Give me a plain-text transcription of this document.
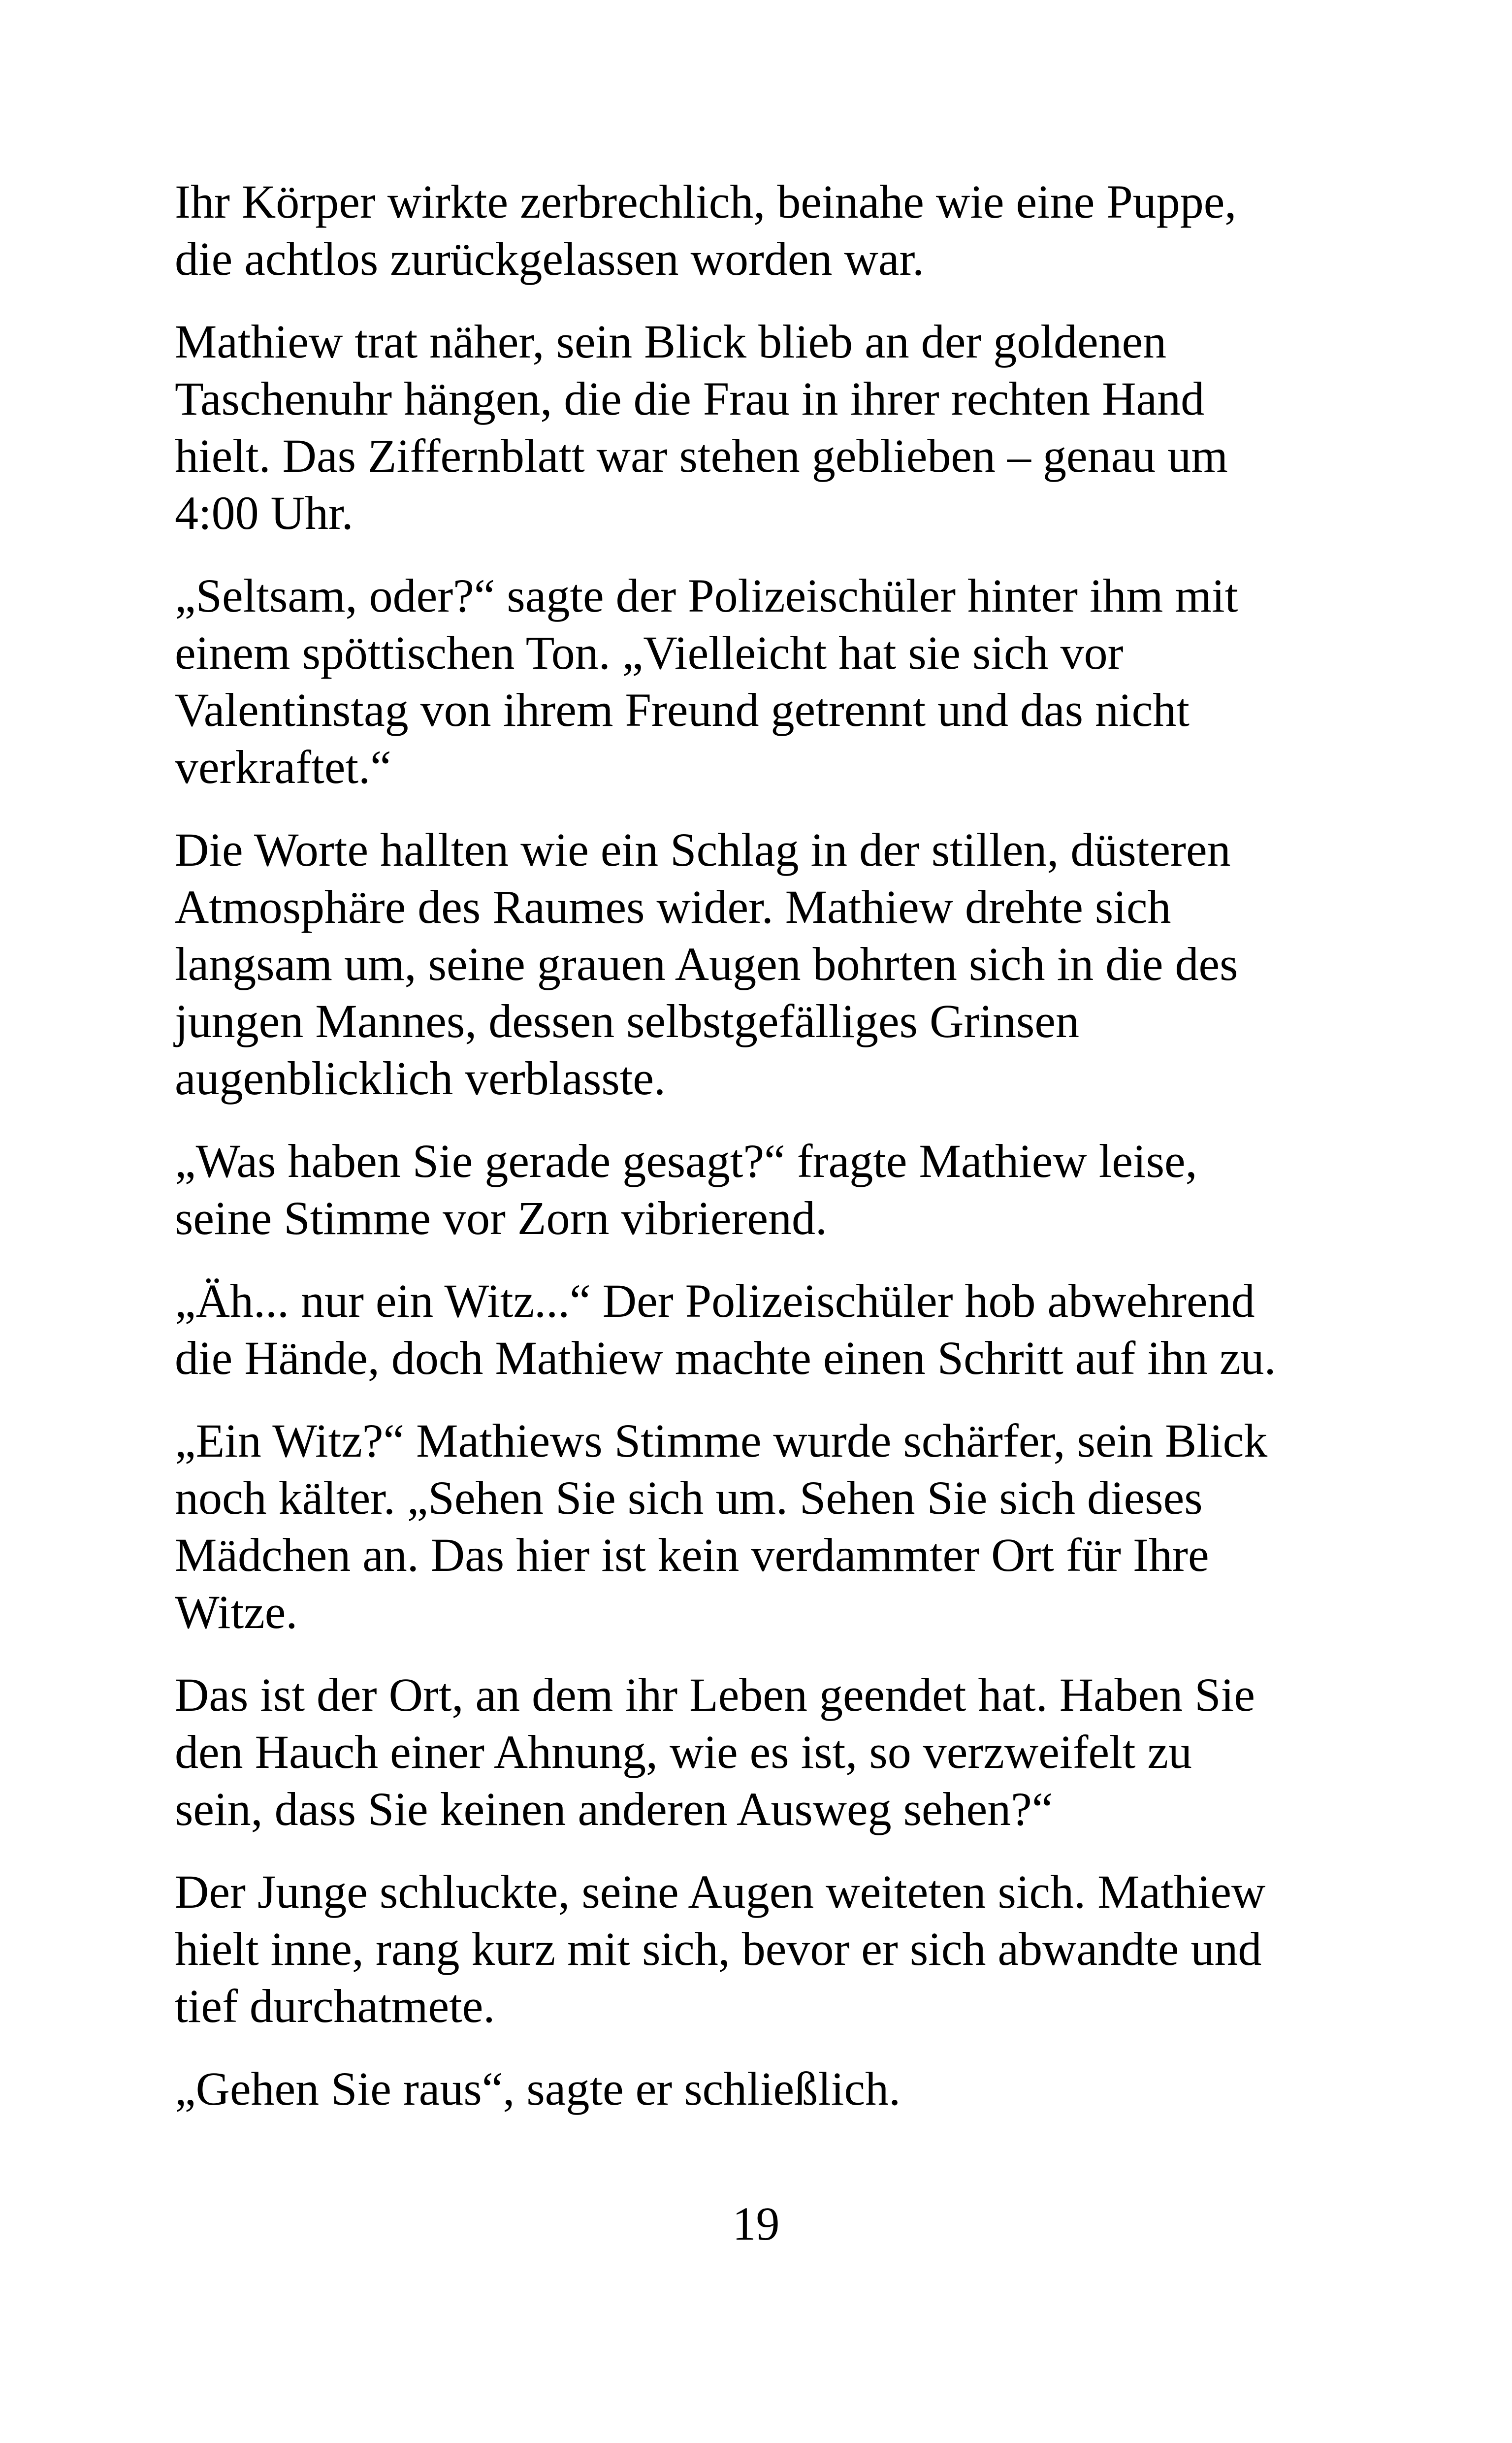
Ihr Körper wirkte zerbrechlich, beinahe wie eine Puppe,
die achtlos zurückgelassen worden war.

Mathiew trat näher, sein Blick blieb an der goldenen
Taschenuhr hängen, die die Frau in ihrer rechten Hand
hielt. Das Ziffernblatt war stehen geblieben – genau um
4:00 Uhr.

„Seltsam, oder?“ sagte der Polizeischüler hinter ihm mit
einem spöttischen Ton. „Vielleicht hat sie sich vor
Valentinstag von ihrem Freund getrennt und das nicht
verkraftet.“

Die Worte hallten wie ein Schlag in der stillen, düsteren
Atmosphäre des Raumes wider. Mathiew drehte sich
langsam um, seine grauen Augen bohrten sich in die des
jungen Mannes, dessen selbstgefälliges Grinsen
augenblicklich verblasste.

„Was haben Sie gerade gesagt?“ fragte Mathiew leise,
seine Stimme vor Zorn vibrierend.

„Äh... nur ein Witz...“ Der Polizeischüler hob abwehrend
die Hände, doch Mathiew machte einen Schritt auf ihn zu.

„Ein Witz?“ Mathiews Stimme wurde schärfer, sein Blick
noch kälter. „Sehen Sie sich um. Sehen Sie sich dieses
Mädchen an. Das hier ist kein verdammter Ort für Ihre
Witze.

Das ist der Ort, an dem ihr Leben geendet hat. Haben Sie
den Hauch einer Ahnung, wie es ist, so verzweifelt zu
sein, dass Sie keinen anderen Ausweg sehen?“

Der Junge schluckte, seine Augen weiteten sich. Mathiew
hielt inne, rang kurz mit sich, bevor er sich abwandte und
tief durchatmete.

„Gehen Sie raus“, sagte er schließlich.

19
